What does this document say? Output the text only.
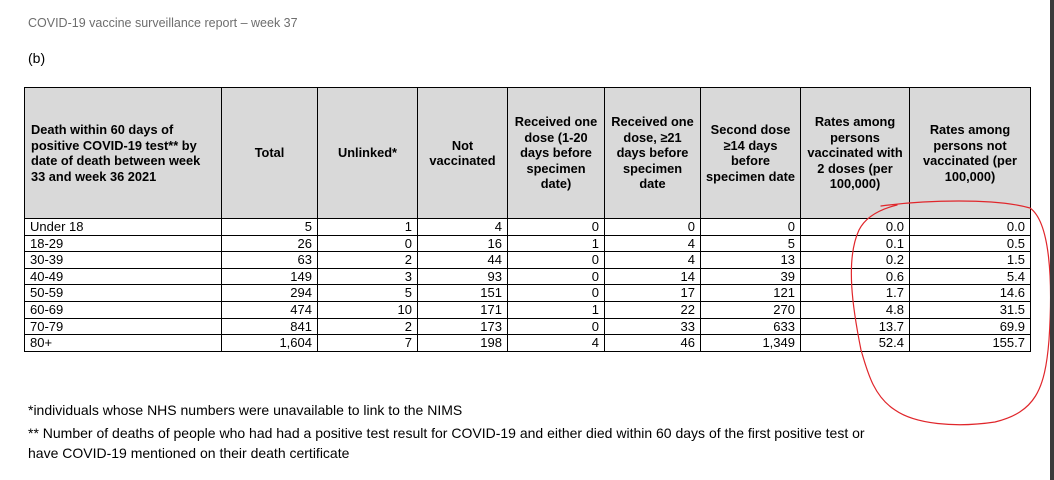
COVID-19 vaccine surveillance report – week 37
(b)
Death within 60 days of positive COVID-19 test** by date of death between week 33 and week 36 2021	Total	Unlinked*	Not vaccinated	Received one dose (1-20 days before specimen date)	Received one dose, ≥21 days before specimen date	Second dose ≥14 days before specimen date	Rates among persons vaccinated with 2 doses (per 100,000)	Rates among persons not vaccinated (per 100,000)
Under 18	5	1	4	0	0	0	0.0	0.0
18-29	26	0	16	1	4	5	0.1	0.5
30-39	63	2	44	0	4	13	0.2	1.5
40-49	149	3	93	0	14	39	0.6	5.4
50-59	294	5	151	0	17	121	1.7	14.6
60-69	474	10	171	1	22	270	4.8	31.5
70-79	841	2	173	0	33	633	13.7	69.9
80+	1,604	7	198	4	46	1,349	52.4	155.7
*individuals whose NHS numbers were unavailable to link to the NIMS
** Number of deaths of people who had had a positive test result for COVID-19 and either died within 60 days of the first positive test or have COVID-19 mentioned on their death certificate
